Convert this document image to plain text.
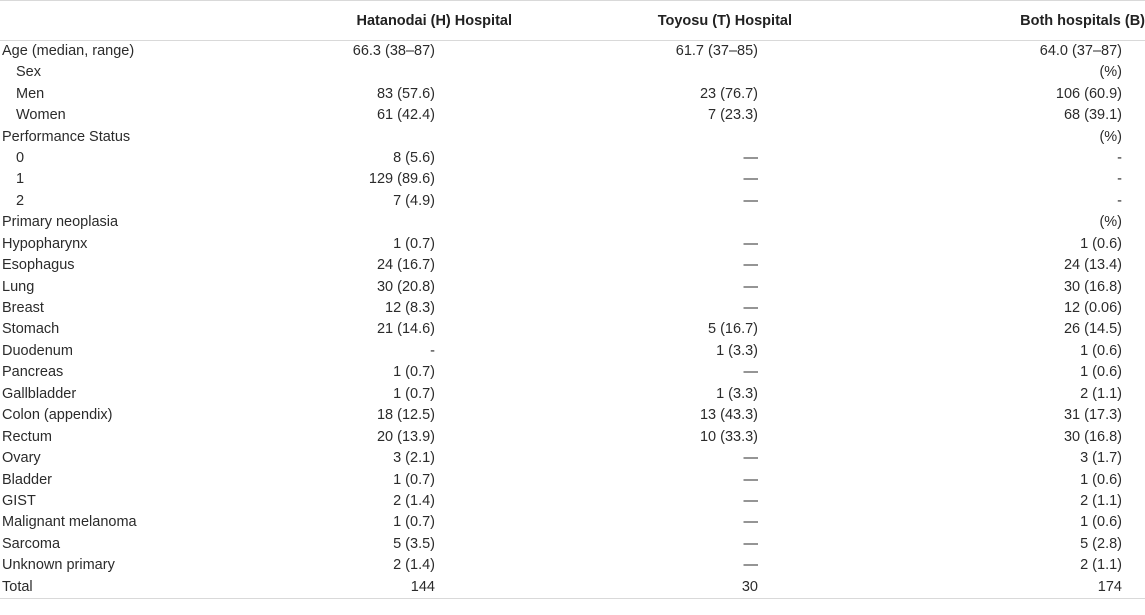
	Hatanodai (H) Hospital	Toyosu (T) Hospital	Both hospitals (B)
Age (median, range)	66.3 (38–87)	61.7 (37–85)	64.0 (37–87)
Sex			(%)
Men	83 (57.6)	23 (76.7)	106 (60.9)
Women	61 (42.4)	7 (23.3)	68 (39.1)
Performance Status			(%)
0	8 (5.6)	—	-
1	129 (89.6)	—	-
2	7 (4.9)	—	-
Primary neoplasia			(%)
Hypopharynx	1 (0.7)	—	1 (0.6)
Esophagus	24 (16.7)	—	24 (13.4)
Lung	30 (20.8)	—	30 (16.8)
Breast	12 (8.3)	—	12 (0.06)
Stomach	21 (14.6)	5 (16.7)	26 (14.5)
Duodenum	-	1 (3.3)	1 (0.6)
Pancreas	1 (0.7)	—	1 (0.6)
Gallbladder	1 (0.7)	1 (3.3)	2 (1.1)
Colon (appendix)	18 (12.5)	13 (43.3)	31 (17.3)
Rectum	20 (13.9)	10 (33.3)	30 (16.8)
Ovary	3 (2.1)	—	3 (1.7)
Bladder	1 (0.7)	—	1 (0.6)
GIST	2 (1.4)	—	2 (1.1)
Malignant melanoma	1 (0.7)	—	1 (0.6)
Sarcoma	5 (3.5)	—	5 (2.8)
Unknown primary	2 (1.4)	—	2 (1.1)
Total	144	30	174
